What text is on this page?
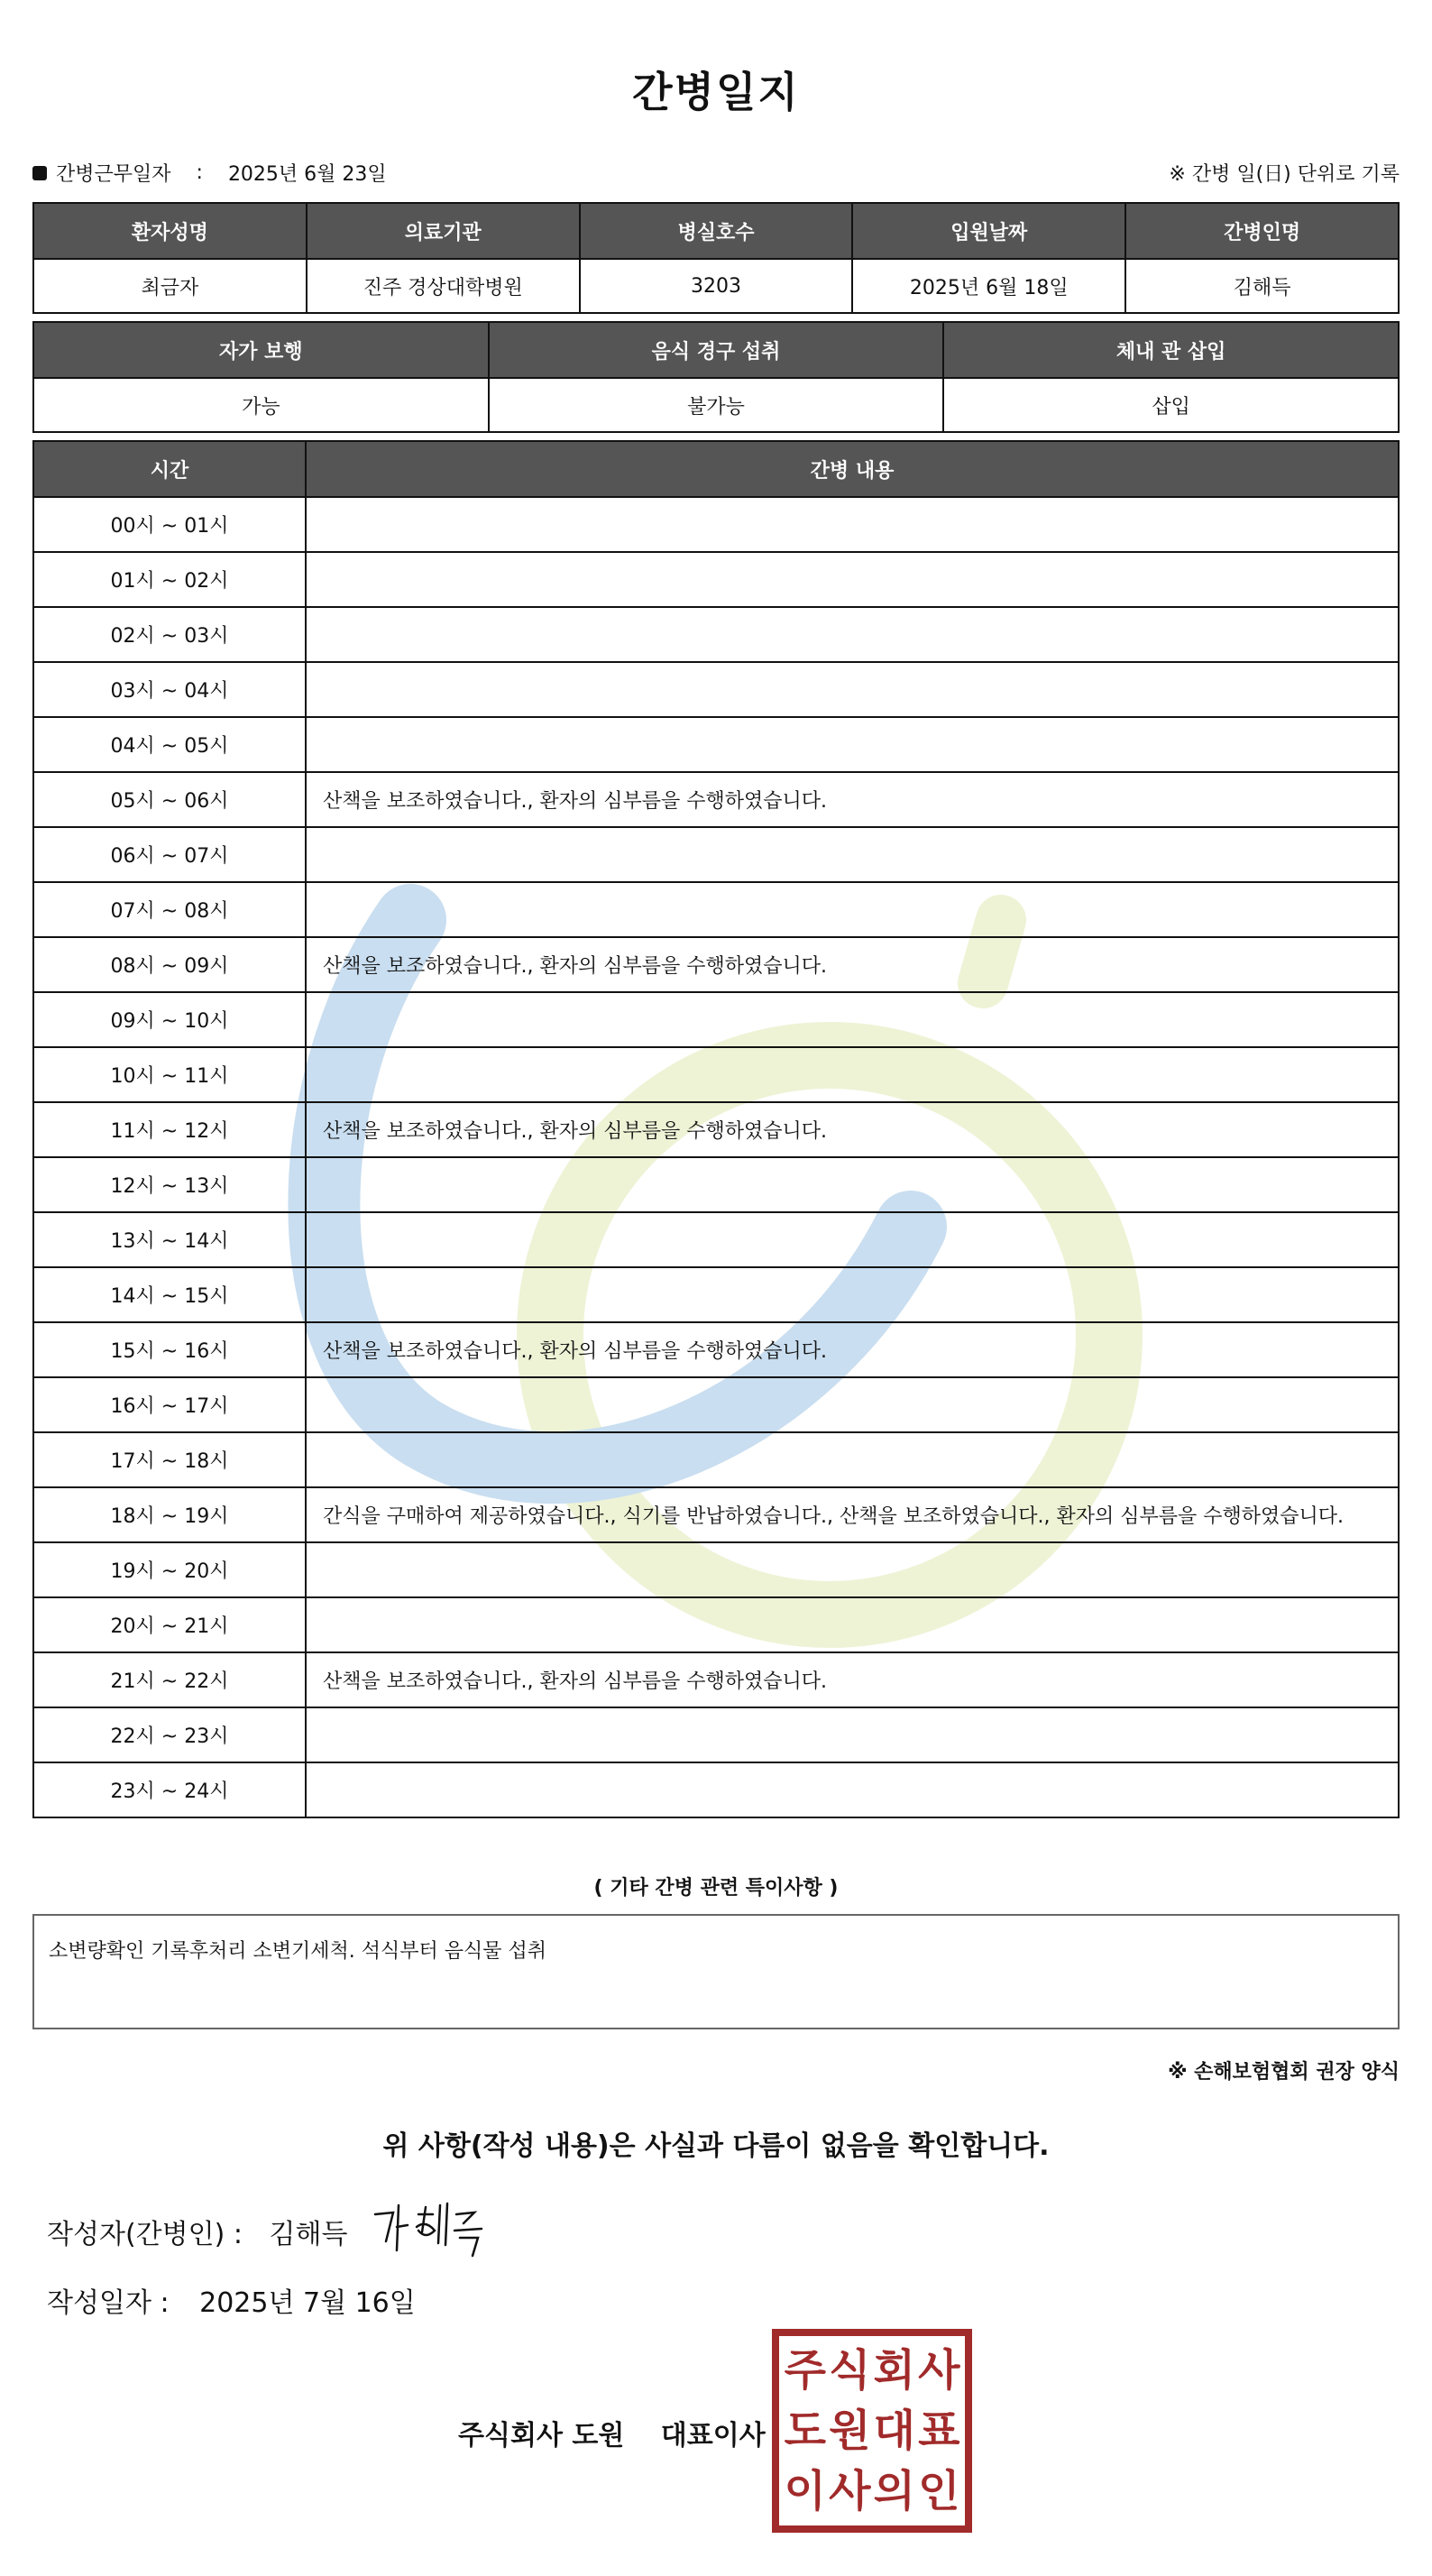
간병일지
간병근무일자 : 2025년 6월 23일	※ 간병 일(日) 단위로 기록
환자성명	의료기관	병실호수	입원날짜	간병인명
최금자	진주 경상대학병원	3203	2025년 6월 18일	김해득
자가 보행	음식 경구 섭취	체내 관 삽입
가능	불가능	삽입
시간	간병 내용
00시 ~ 01시	
01시 ~ 02시	
02시 ~ 03시	
03시 ~ 04시	
04시 ~ 05시	
05시 ~ 06시	산책을 보조하였습니다., 환자의 심부름을 수행하였습니다.
06시 ~ 07시	
07시 ~ 08시	
08시 ~ 09시	산책을 보조하였습니다., 환자의 심부름을 수행하였습니다.
09시 ~ 10시	
10시 ~ 11시	
11시 ~ 12시	산책을 보조하였습니다., 환자의 심부름을 수행하였습니다.
12시 ~ 13시	
13시 ~ 14시	
14시 ~ 15시	
15시 ~ 16시	산책을 보조하였습니다., 환자의 심부름을 수행하였습니다.
16시 ~ 17시	
17시 ~ 18시	
18시 ~ 19시	간식을 구매하여 제공하였습니다., 식기를 반납하였습니다., 산책을 보조하였습니다., 환자의 심부름을 수행하였습니다.
19시 ~ 20시	
20시 ~ 21시	
21시 ~ 22시	산책을 보조하였습니다., 환자의 심부름을 수행하였습니다.
22시 ~ 23시	
23시 ~ 24시	
( 기타 간병 관련 특이사항 )
소변량확인 기록후처리 소변기세척. 석식부터 음식물 섭취
※ 손해보험협회 권장 양식
위 사항(작성 내용)은 사실과 다름이 없음을 확인합니다.
작성자(간병인) : 김해득
작성일자 : 2025년 7월 16일
주식회사 도원 대표이사
주 식 회 사
도 원 대 표
이 사 의 인
